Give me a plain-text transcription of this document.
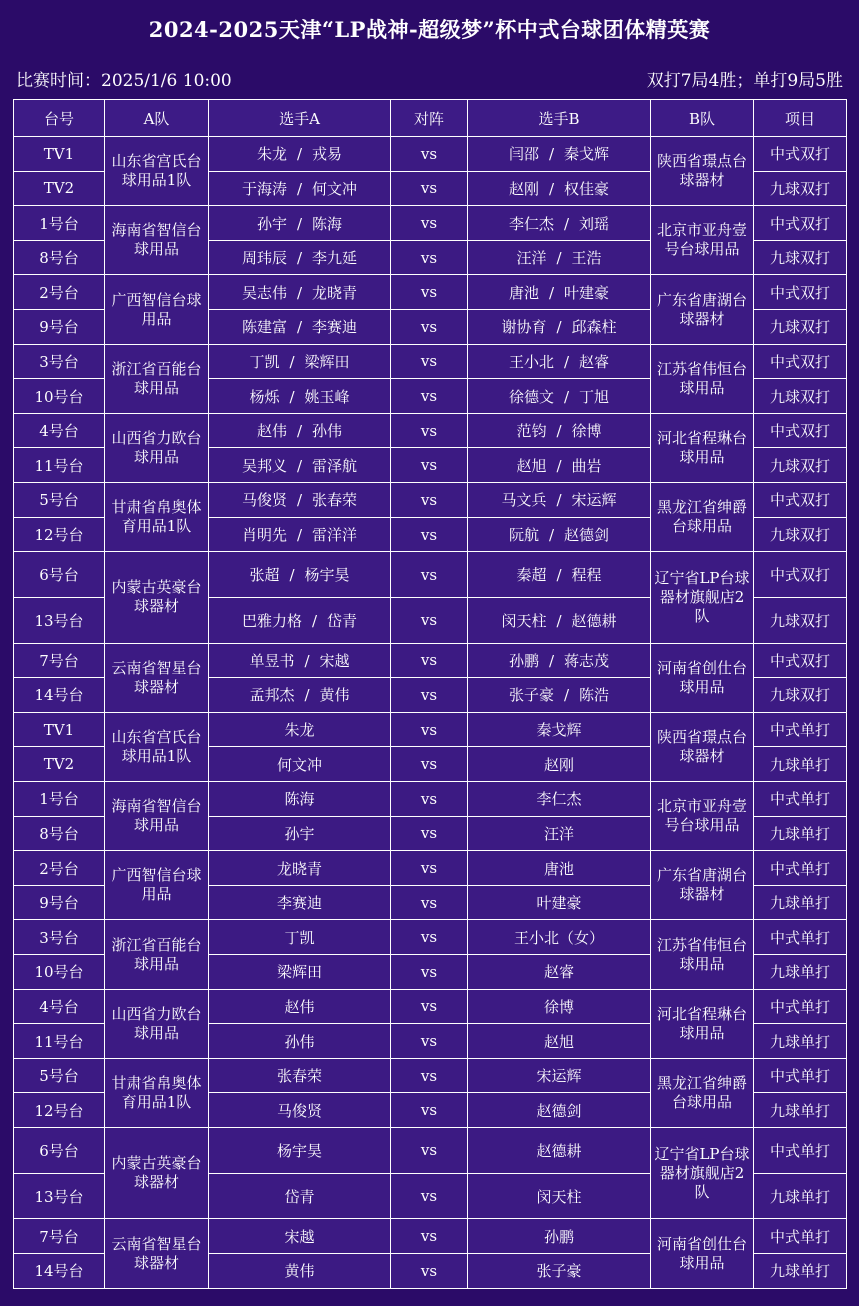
2024-2025天津“LP战神-超级梦”杯中式台球团体精英赛
比赛时间：2025/1/6 10:00	双打7局4胜；单打9局5胜
台号	A队	选手A	对阵	选手B	B队	项目
TV1	山东省宫氏台球用品1队	朱龙 / 戎易	vs	闫邵 / 秦戈辉	陕西省璟点台球器材	中式双打
TV2		于海涛 / 何文冲	vs	赵刚 / 权佳豪		九球双打
1号台	海南省智信台球用品	孙宇 / 陈海	vs	李仁杰 / 刘瑶	北京市亚舟壹号台球用品	中式双打
8号台		周玮辰 / 李九延	vs	汪洋 / 王浩		九球双打
2号台	广西智信台球用品	吴志伟 / 龙晓青	vs	唐池 / 叶建豪	广东省唐湖台球器材	中式双打
9号台		陈建富 / 李赛迪	vs	谢协育 / 邱森柱		九球双打
3号台	浙江省百能台球用品	丁凯 / 梁辉田	vs	王小北 / 赵睿	江苏省伟恒台球用品	中式双打
10号台		杨烁 / 姚玉峰	vs	徐德文 / 丁旭		九球双打
4号台	山西省力欧台球用品	赵伟 / 孙伟	vs	范钧 / 徐博	河北省程琳台球用品	中式双打
11号台		吴邦义 / 雷泽航	vs	赵旭 / 曲岩		九球双打
5号台	甘肃省帛奥体育用品1队	马俊贤 / 张春荣	vs	马文兵 / 宋运辉	黑龙江省绅爵台球用品	中式双打
12号台		肖明先 / 雷洋洋	vs	阮航 / 赵德剑		九球双打
6号台	内蒙古英豪台球器材	张超 / 杨宇昊	vs	秦超 / 程程	辽宁省LP台球器材旗舰店2队	中式双打
13号台		巴雅力格 / 岱青	vs	闵天柱 / 赵德耕		九球双打
7号台	云南省智星台球器材	单昱书 / 宋越	vs	孙鹏 / 蒋志茂	河南省创仕台球用品	中式双打
14号台		孟邦杰 / 黄伟	vs	张子豪 / 陈浩		九球双打
TV1	山东省宫氏台球用品1队	朱龙	vs	秦戈辉	陕西省璟点台球器材	中式单打
TV2		何文冲	vs	赵刚		九球单打
1号台	海南省智信台球用品	陈海	vs	李仁杰	北京市亚舟壹号台球用品	中式单打
8号台		孙宇	vs	汪洋		九球单打
2号台	广西智信台球用品	龙晓青	vs	唐池	广东省唐湖台球器材	中式单打
9号台		李赛迪	vs	叶建豪		九球单打
3号台	浙江省百能台球用品	丁凯	vs	王小北（女）	江苏省伟恒台球用品	中式单打
10号台		梁辉田	vs	赵睿		九球单打
4号台	山西省力欧台球用品	赵伟	vs	徐博	河北省程琳台球用品	中式单打
11号台		孙伟	vs	赵旭		九球单打
5号台	甘肃省帛奥体育用品1队	张春荣	vs	宋运辉	黑龙江省绅爵台球用品	中式单打
12号台		马俊贤	vs	赵德剑		九球单打
6号台	内蒙古英豪台球器材	杨宇昊	vs	赵德耕	辽宁省LP台球器材旗舰店2队	中式单打
13号台		岱青	vs	闵天柱		九球单打
7号台	云南省智星台球器材	宋越	vs	孙鹏	河南省创仕台球用品	中式单打
14号台		黄伟	vs	张子豪		九球单打
